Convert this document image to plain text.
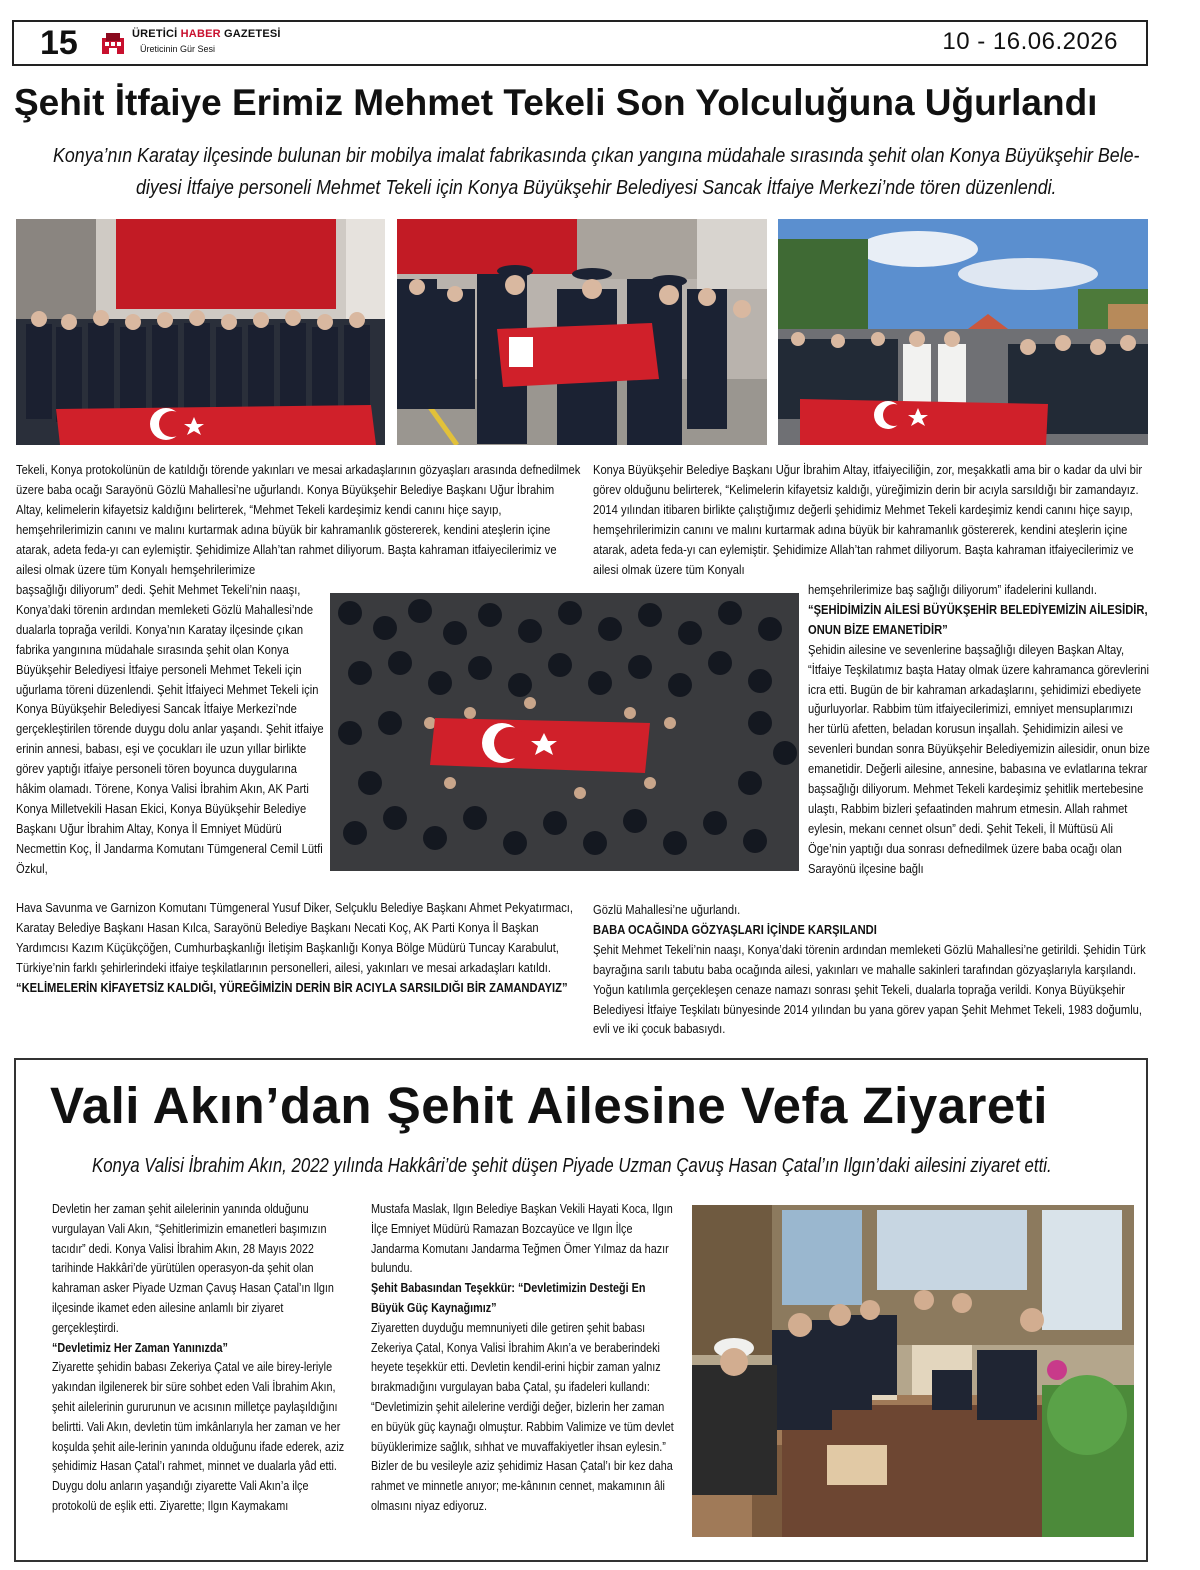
15	ÜRETİCİ HABER GAZETESİ
Üreticinin Gür Sesi	10 - 16.06.2026
Şehit İtfaiye Erimiz Mehmet Tekeli Son Yolculuğuna Uğurlandı
Konya’nın Karatay ilçesinde bulunan bir mobilya imalat fabrikasında çıkan yangına müdahale sırasında şehit olan Konya Büyükşehir Bele-
diyesi İtfaiye personeli Mehmet Tekeli için Konya Büyükşehir Belediyesi Sancak İtfaiye Merkezi’nde tören düzenlendi.

Tekeli, Konya protokolünün de katıldığı törende yakınları ve mesai arkadaşlarının gözyaşları arasında defnedilmek üzere baba ocağı Sarayönü Gözlü Mahallesi’ne uğurlandı. Konya Büyükşehir Belediye Başkanı Uğur İbrahim Altay, kelimelerin kifayetsiz kaldığını belirterek, “Mehmet Tekeli kardeşimiz kendi canını hiçe sayıp, hemşehrilerimizin canını ve malını kurtarmak adına büyük bir kahramanlık göstererek, kendini ateşlerin içine atarak, adeta feda-yı can eylemiştir. Şehidimize Allah’tan rahmet diliyorum. Başta kahraman itfaiyecilerimiz ve ailesi olmak üzere tüm Konyalı hemşehrilerimize

başsağlığı diliyorum” dedi. Şehit Mehmet Tekeli’nin naaşı, Konya’daki törenin ardından memleketi Gözlü Mahallesi’nde dualarla toprağa verildi. Konya’nın Karatay ilçesinde çıkan fabrika yangınına müdahale sırasında şehit olan Konya Büyükşehir Belediyesi İtfaiye personeli Mehmet Tekeli için uğurlama töreni düzenlendi. Şehit İtfaiyeci Mehmet Tekeli için Konya Büyükşehir Belediyesi Sancak İtfaiye Merkezi’nde gerçekleştirilen törende duygu dolu anlar yaşandı. Şehit itfaiye erinin annesi, babası, eşi ve çocukları ile uzun yıllar birlikte görev yaptığı itfaiye personeli tören boyunca duygularına hâkim olamadı. Törene, Konya Valisi İbrahim Akın, AK Parti Konya Milletvekili Hasan Ekici, Konya Büyükşehir Belediye Başkanı Uğur İbrahim Altay, Konya İl Emniyet Müdürü Necmettin Koç, İl Jandarma Komutanı Tümgeneral Cemil Lütfi Özkul,

Hava Savunma ve Garnizon Komutanı Tümgeneral Yusuf Diker, Selçuklu Belediye Başkanı Ahmet Pekyatırmacı, Karatay Belediye Başkanı Hasan Kılca, Sarayönü Belediye Başkanı Necati Koç, AK Parti Konya İl Başkan Yardımcısı Kazım Küçükçöğen, Cumhurbaşkanlığı İletişim Başkanlığı Konya Bölge Müdürü Tuncay Karabulut, Türkiye’nin farklı şehirlerindeki itfaiye teşkilatlarının personelleri, ailesi, yakınları ve mesai arkadaşları katıldı.

“KELİMELERİN KİFAYETSİZ KALDIĞI, YÜREĞİMİZİN DERİN BİR ACIYLA SARSILDIĞI BİR ZAMANDAYIZ”

Konya Büyükşehir Belediye Başkanı Uğur İbrahim Altay, itfaiyeciliğin, zor, meşakkatli ama bir o kadar da ulvi bir görev olduğunu belirterek, “Kelimelerin kifayetsiz kaldığı, yüreğimizin derin bir acıyla sarsıldığı bir zamandayız. 2014 yılından itibaren birlikte çalıştığımız değerli şehidimiz Mehmet Tekeli kardeşimiz kendi canını hiçe sayıp, hemşehrilerimizin canını ve malını kurtarmak adına büyük bir kahramanlık göstererek, kendini ateşlerin içine atarak, adeta feda-yı can eylemiştir. Şehidimize Allah’tan rahmet diliyorum. Başta kahraman itfaiyecilerimiz ve ailesi olmak üzere tüm Konyalı

hemşehrilerimize baş sağlığı diliyorum” ifadelerini kullandı.

“ŞEHİDİMİZİN AİLESİ BÜYÜKŞEHİR BELEDİYEMİZİN AİLESİDİR, ONUN BİZE EMANETİDİR”

Şehidin ailesine ve sevenlerine başsağlığı dileyen Başkan Altay, “İtfaiye Teşkilatımız başta Hatay olmak üzere kahramanca görevlerini icra etti. Bugün de bir kahraman arkadaşlarını, şehidimizi ebediyete uğurluyorlar. Rabbim tüm itfaiyecilerimizi, emniyet mensuplarımızı her türlü afetten, beladan korusun inşallah. Şehidimizin ailesi ve sevenleri bundan sonra Büyükşehir Belediyemizin ailesidir, onun bize emanetidir. Değerli ailesine, annesine, babasına ve evlatlarına tekrar başsağlığı diliyorum. Mehmet Tekeli kardeşimiz şehitlik mertebesine ulaştı, Rabbim bizleri şefaatinden mahrum etmesin. Allah rahmet eylesin, mekanı cennet olsun” dedi. Şehit Tekeli, İl Müftüsü Ali Öge’nin yaptığı dua sonrası defnedilmek üzere baba ocağı olan Sarayönü ilçesine bağlı

Gözlü Mahallesi’ne uğurlandı.

BABA OCAĞINDA GÖZYAŞLARI İÇİNDE KARŞILANDI

Şehit Mehmet Tekeli’nin naaşı, Konya’daki törenin ardından memleketi Gözlü Mahallesi’ne getirildi. Şehidin Türk bayrağına sarılı tabutu baba ocağında ailesi, yakınları ve mahalle sakinleri tarafından gözyaşlarıyla karşılandı. Yoğun katılımla gerçekleşen cenaze namazı sonrası şehit Tekeli, dualarla toprağa verildi. Konya Büyükşehir Belediyesi İtfaiye Teşkilatı bünyesinde 2014 yılından bu yana görev yapan Şehit Mehmet Tekeli, 1983 doğumlu, evli ve iki çocuk babasıydı.

Vali Akın’dan Şehit Ailesine Vefa Ziyareti
Konya Valisi İbrahim Akın, 2022 yılında Hakkâri’de şehit düşen Piyade Uzman Çavuş Hasan Çatal’ın Ilgın’daki ailesini ziyaret etti.

Devletin her zaman şehit ailelerinin yanında olduğunu vurgulayan Vali Akın, “Şehitlerimizin emanetleri başımızın tacıdır” dedi. Konya Valisi İbrahim Akın, 28 Mayıs 2022 tarihinde Hakkâri’de yürütülen operasyon-da şehit olan kahraman asker Piyade Uzman Çavuş Hasan Çatal’ın Ilgın ilçesinde ikamet eden ailesine anlamlı bir ziyaret gerçekleştirdi.

“Devletimiz Her Zaman Yanınızda”

Ziyarette şehidin babası Zekeriya Çatal ve aile birey-leriyle yakından ilgilenerek bir süre sohbet eden Vali İbrahim Akın, şehit ailelerinin gururunun ve acısının milletçe paylaşıldığını belirtti. Vali Akın, devletin tüm imkânlarıyla her zaman ve her koşulda şehit aile-lerinin yanında olduğunu ifade ederek, aziz şehidimiz Hasan Çatal’ı rahmet, minnet ve dualarla yâd etti. Duygu dolu anların yaşandığı ziyarette Vali Akın’a ilçe protokolü de eşlik etti. Ziyarette; Ilgın Kaymakamı

Mustafa Maslak, Ilgın Belediye Başkan Vekili Hayati Koca, Ilgın İlçe Emniyet Müdürü Ramazan Bozcayüce ve Ilgın İlçe Jandarma Komutanı Jandarma Teğmen Ömer Yılmaz da hazır bulundu.

Şehit Babasından Teşekkür: “Devletimizin Desteği En Büyük Güç Kaynağımız”

Ziyaretten duyduğu memnuniyeti dile getiren şehit babası Zekeriya Çatal, Konya Valisi İbrahim Akın’a ve beraberindeki heyete teşekkür etti. Devletin kendil-erini hiçbir zaman yalnız bırakmadığını vurgulayan baba Çatal, şu ifadeleri kullandı: “Devletimizin şehit ailelerine verdiği değer, bizlerin her zaman en büyük güç kaynağı olmuştur. Rabbim Valimize ve tüm devlet büyüklerimize sağlık, sıhhat ve muvaffakiyetler ihsan eylesin.” Bizler de bu vesileyle aziz şehidimiz Hasan Çatal’ı bir kez daha rahmet ve minnetle anıyor; me-kânının cennet, makamının âli olmasını niyaz ediyoruz.
